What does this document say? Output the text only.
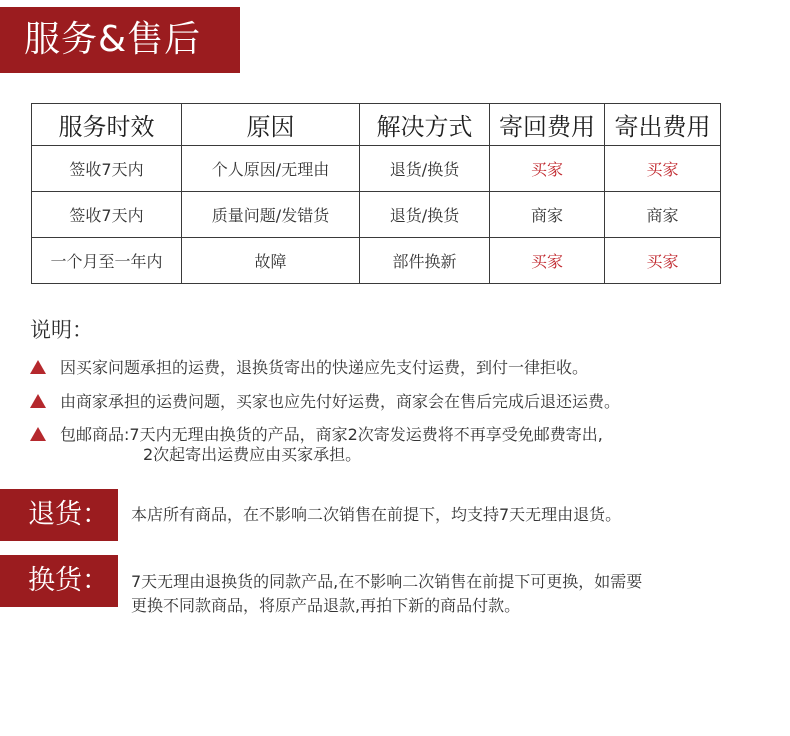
服务&售后
服务时效	原因	解决方式	寄回费用	寄出费用
签收7天内	个人原因/无理由	退货/换货	买家	买家
签收7天内	质量问题/发错货	退货/换货	商家	商家
一个月至一年内	故障	部件换新	买家	买家
说明：
因买家问题承担的运费，退换货寄出的快递应先支付运费，到付一律拒收。
由商家承担的运费问题，买家也应先付好运费，商家会在售后完成后退还运费。
包邮商品:7天内无理由换货的产品，商家2次寄发运费将不再享受免邮费寄出,
2次起寄出运费应由买家承担。
退货：	本店所有商品，在不影响二次销售在前提下，均支持7天无理由退货。
换货：	7天无理由退换货的同款产品,在不影响二次销售在前提下可更换，如需要
更换不同款商品，将原产品退款,再拍下新的商品付款。
